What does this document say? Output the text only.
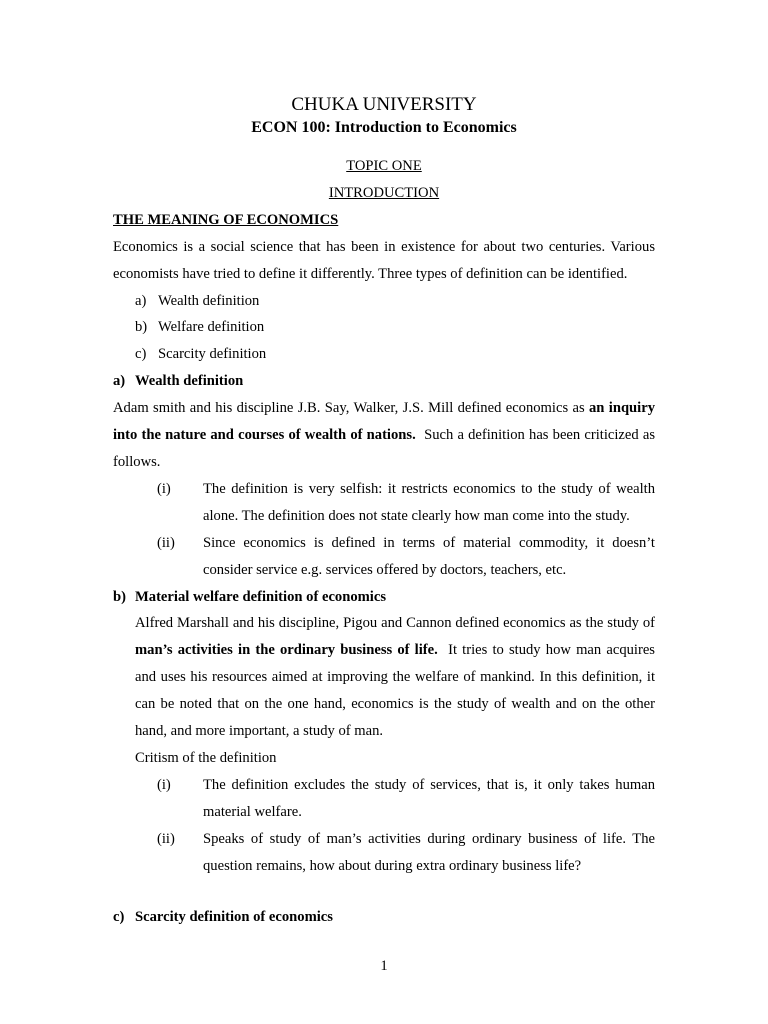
CHUKA UNIVERSITY
ECON 100: Introduction to Economics

TOPIC ONE

INTRODUCTION

THE MEANING OF ECONOMICS

Economics is a social science that has been in existence for about two centuries. Various economists have tried to define it differently. Three types of definition can be identified.

a) Wealth definition
b) Welfare definition
c) Scarcity definition

a) Wealth definition

Adam smith and his discipline J.B. Say, Walker, J.S. Mill defined economics as an inquiry into the nature and courses of wealth of nations.  Such a definition has been criticized as follows.

(i) The definition is very selfish: it restricts economics to the study of wealth alone. The definition does not state clearly how man come into the study.

(ii) Since economics is defined in terms of material commodity, it doesn’t consider service e.g. services offered by doctors, teachers, etc.

b) Material welfare definition of economics

Alfred Marshall and his discipline, Pigou and Cannon defined economics as the study of man’s activities in the ordinary business of life.  It tries to study how man acquires and uses his resources aimed at improving the welfare of mankind. In this definition, it can be noted that on the one hand, economics is the study of wealth and on the other hand, and more important, a study of man.

Critism of the definition

(i) The definition excludes the study of services, that is, it only takes human material welfare.

(ii) Speaks of study of man’s activities during ordinary business of life. The question remains, how about during extra ordinary business life?

c) Scarcity definition of economics

1
